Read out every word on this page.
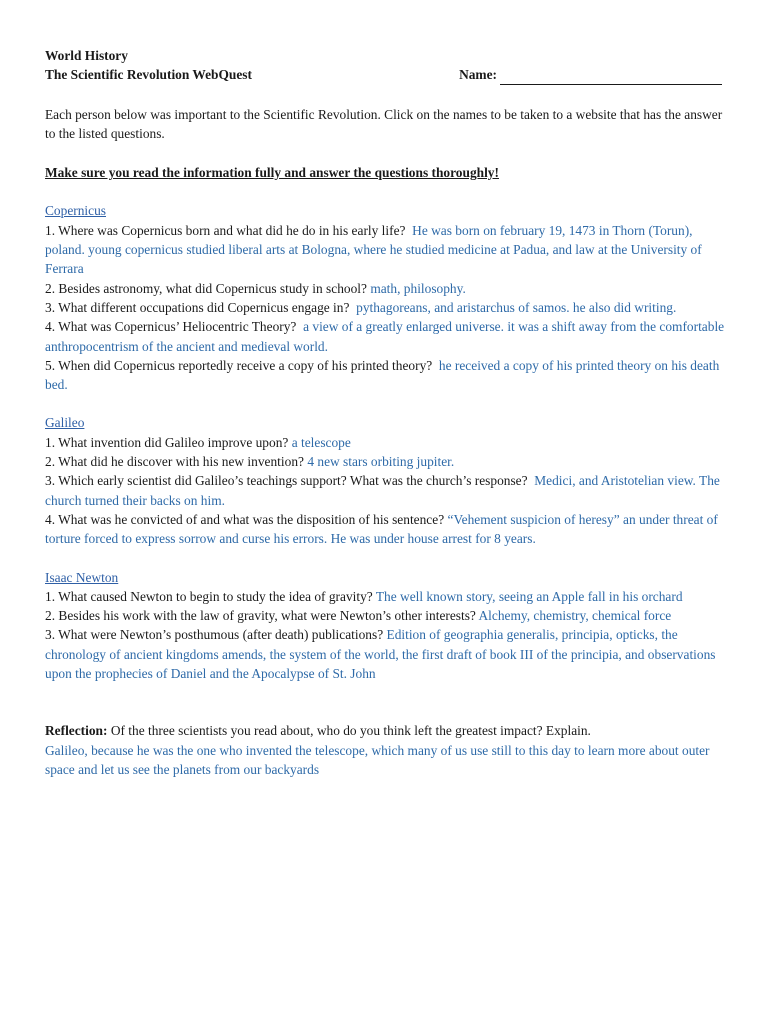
World History
The Scientific Revolution WebQuest	Name:
Each person below was important to the Scientific Revolution. Click on the names to be taken to a website that has the answer to the listed questions.
Make sure you read the information fully and answer the questions thoroughly!
Copernicus

1. Where was Copernicus born and what did he do in his early life? He was born on february 19, 1473 in Thorn (Torun), poland. young copernicus studied liberal arts at Bologna, where he studied medicine at Padua, and law at the University of Ferrara

2. Besides astronomy, what did Copernicus study in school? math, philosophy.

3. What different occupations did Copernicus engage in? pythagoreans, and aristarchus of samos. he also did writing.

4. What was Copernicus’ Heliocentric Theory? a view of a greatly enlarged universe. it was a shift away from the comfortable anthropocentrism of the ancient and medieval world.

5. When did Copernicus reportedly receive a copy of his printed theory? he received a copy of his printed theory on his death bed.

Galileo

1. What invention did Galileo improve upon? a telescope

2. What did he discover with his new invention? 4 new stars orbiting jupiter.

3. Which early scientist did Galileo’s teachings support? What was the church’s response? Medici, and Aristotelian view. The church turned their backs on him.

4. What was he convicted of and what was the disposition of his sentence? “Vehement suspicion of heresy” an under threat of torture forced to express sorrow and curse his errors. He was under house arrest for 8 years.

Isaac Newton

1. What caused Newton to begin to study the idea of gravity? The well known story, seeing an Apple fall in his orchard

2. Besides his work with the law of gravity, what were Newton’s other interests? Alchemy, chemistry, chemical force

3. What were Newton’s posthumous (after death) publications? Edition of geographia generalis, principia, opticks, the chronology of ancient kingdoms amends, the system of the world, the first draft of book III of the principia, and observations upon the prophecies of Daniel and the Apocalypse of St. John

Reflection: Of the three scientists you read about, who do you think left the greatest impact? Explain.

Galileo, because he was the one who invented the telescope, which many of us use still to this day to learn more about outer space and let us see the planets from our backyards
